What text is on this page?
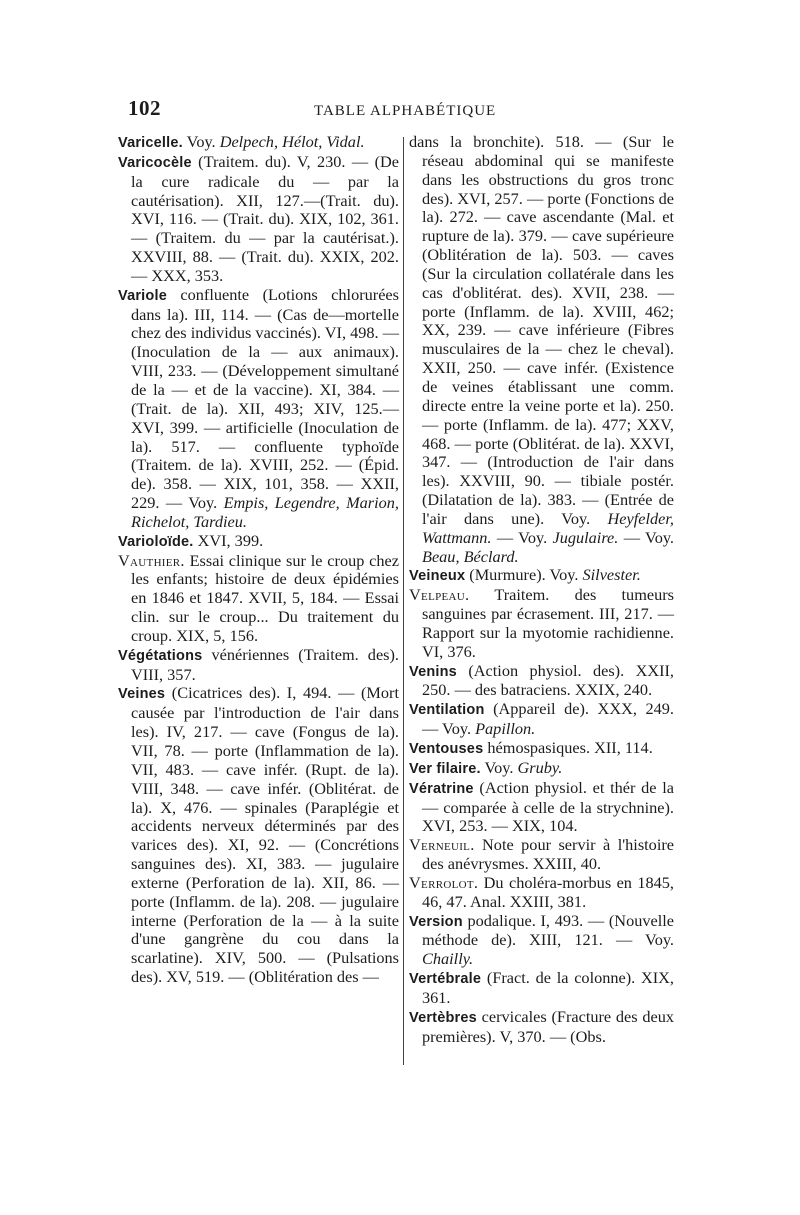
102	TABLE ALPHABÉTIQUE

Varicelle. Voy. Delpech, Hélot, Vidal.

Varicocèle (Traitem. du). V, 230. — (De la cure radicale du — par la cautérisation). XII, 127.—(Trait. du). XVI, 116. — (Trait. du). XIX, 102, 361. — (Traitem. du — par la cautérisat.). XXVIII, 88. — (Trait. du). XXIX, 202. — XXX, 353.

Variole confluente (Lotions chlorurées dans la). III, 114. — (Cas de—mortelle chez des individus vaccinés). VI, 498. — (Inoculation de la — aux animaux). VIII, 233. — (Développement simultané de la — et de la vaccine). XI, 384. —(Trait. de la). XII, 493; XIV, 125.— XVI, 399. — artificielle (Inoculation de la). 517. — confluente typhoïde (Traitem. de la). XVIII, 252. — (Épid. de). 358. — XIX, 101, 358. — XXII, 229. — Voy. Empis, Legendre, Marion, Richelot, Tardieu.

Varioloïde. XVI, 399.

Vauthier. Essai clinique sur le croup chez les enfants; histoire de deux épidémies en 1846 et 1847. XVII, 5, 184. — Essai clin. sur le croup... Du traitement du croup. XIX, 5, 156.

Végétations vénériennes (Traitem. des). VIII, 357.

Veines (Cicatrices des). I, 494. — (Mort causée par l'introduction de l'air dans les). IV, 217. — cave (Fongus de la). VII, 78. — porte (Inflammation de la). VII, 483. — cave infér. (Rupt. de la). VIII, 348. — cave infér. (Oblitérat. de la). X, 476. — spinales (Paraplégie et accidents nerveux déterminés par des varices des). XI, 92. — (Concrétions sanguines des). XI, 383. — jugulaire externe (Perforation de la). XII, 86. — porte (Inflamm. de la). 208. — jugulaire interne (Perforation de la — à la suite d'une gangrène du cou dans la scarlatine). XIV, 500. — (Pulsations des). XV, 519. — (Oblitération des —

dans la bronchite). 518. — (Sur le réseau abdominal qui se manifeste dans les obstructions du gros tronc des). XVI, 257. — porte (Fonctions de la). 272. — cave ascendante (Mal. et rupture de la). 379. — cave supérieure (Oblitération de la). 503. — caves (Sur la circulation collatérale dans les cas d'oblitérat. des). XVII, 238. — porte (Inflamm. de la). XVIII, 462; XX, 239. — cave inférieure (Fibres musculaires de la — chez le cheval). XXII, 250. — cave infér. (Existence de veines établissant une comm. directe entre la veine porte et la). 250. — porte (Inflamm. de la). 477; XXV, 468. — porte (Oblitérat. de la). XXVI, 347. — (Introduction de l'air dans les). XXVIII, 90. — tibiale postér. (Dilatation de la). 383. — (Entrée de l'air dans une). Voy. Heyfelder, Wattmann. — Voy. Jugulaire. — Voy. Beau, Béclard.

Veineux (Murmure). Voy. Silvester.

Velpeau. Traitem. des tumeurs sanguines par écrasement. III, 217. — Rapport sur la myotomie rachidienne. VI, 376.

Venins (Action physiol. des). XXII, 250. — des batraciens. XXIX, 240.

Ventilation (Appareil de). XXX, 249. — Voy. Papillon.

Ventouses hémospasiques. XII, 114.

Ver filaire. Voy. Gruby.

Vératrine (Action physiol. et thér de la — comparée à celle de la strychnine). XVI, 253. — XIX, 104.

Verneuil. Note pour servir à l'histoire des anévrysmes. XXIII, 40.

Verrolot. Du choléra-morbus en 1845, 46, 47. Anal. XXIII, 381.

Version podalique. I, 493. — (Nouvelle méthode de). XIII, 121. — Voy. Chailly.

Vertébrale (Fract. de la colonne). XIX, 361.

Vertèbres cervicales (Fracture des deux premières). V, 370. — (Obs.
